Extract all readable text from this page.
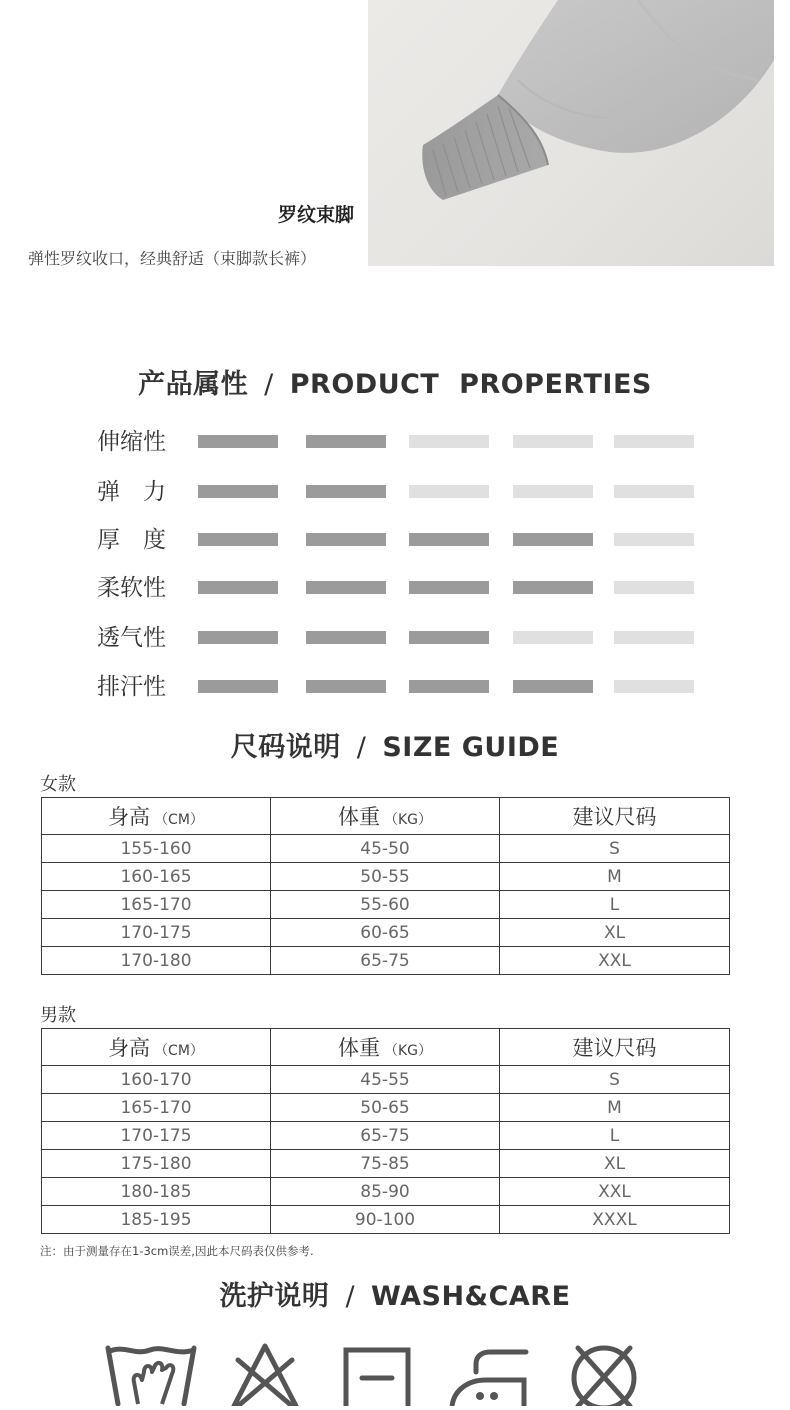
罗纹束脚
弹性罗纹收口，经典舒适（束脚款长裤）
产品属性 / PRODUCT  PROPERTIES
伸缩性
弹　力
厚　度
柔软性
透气性
排汗性
尺码说明 / SIZE GUIDE
女款
身高 （CM）	体重 （KG）	建议尺码
155-160	45-50	S
160-165	50-55	M
165-170	55-60	L
170-175	60-65	XL
170-180	65-75	XXL
男款
身高 （CM）	体重 （KG）	建议尺码
160-170	45-55	S
165-170	50-65	M
170-175	65-75	L
175-180	75-85	XL
180-185	85-90	XXL
185-195	90-100	XXXL
注：由于测量存在1-3cm误差,因此本尺码表仅供参考.
洗护说明 / WASH&CARE
